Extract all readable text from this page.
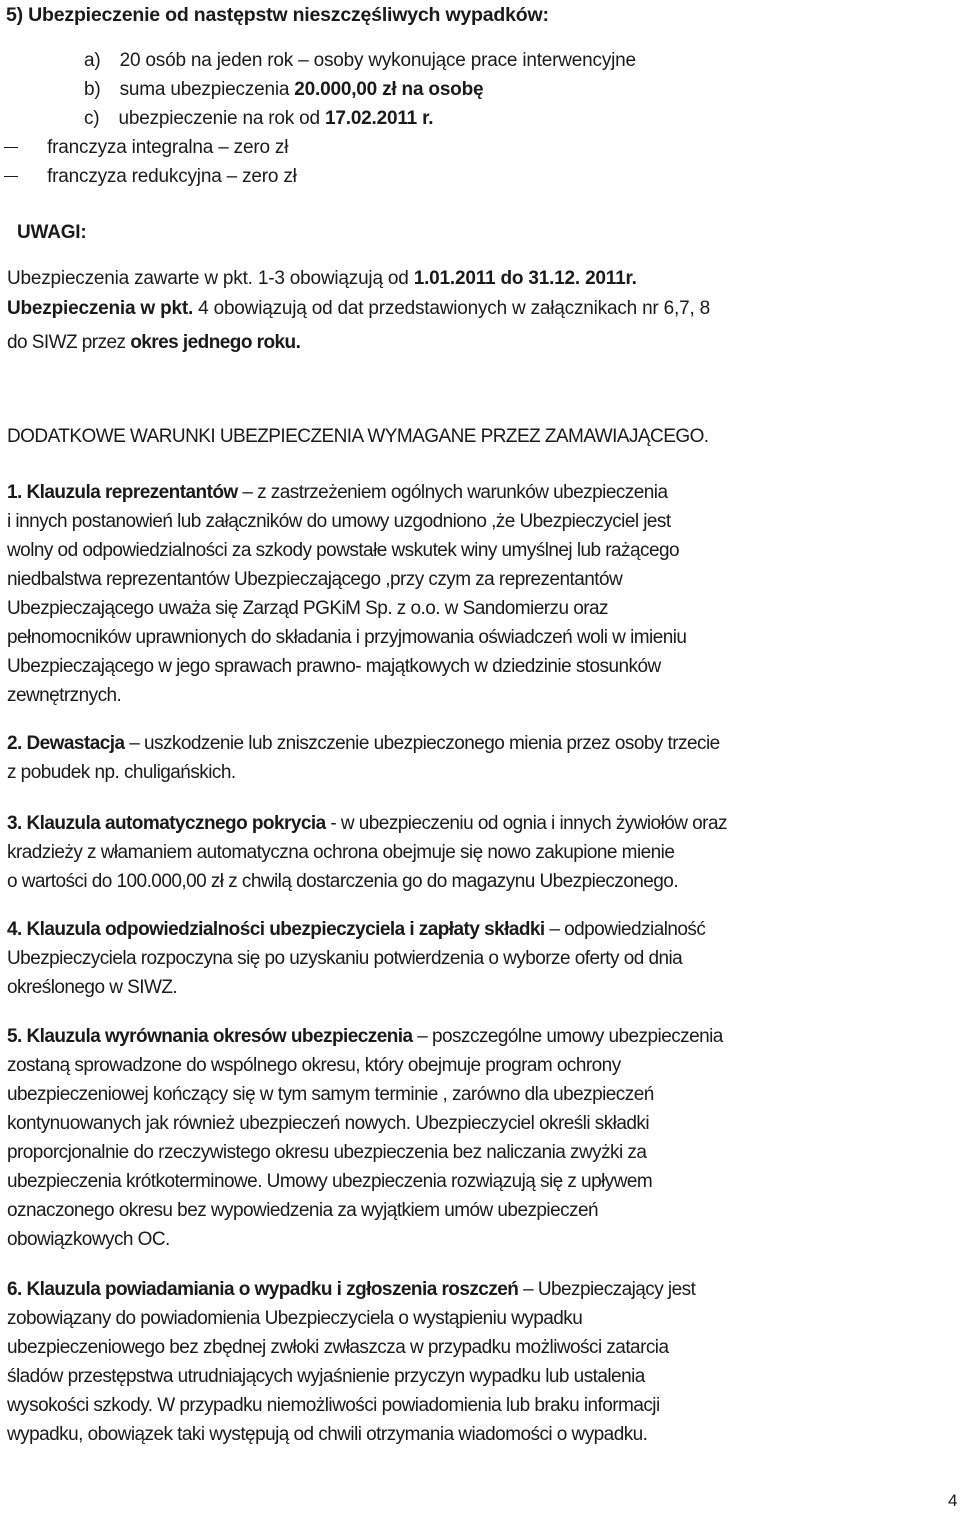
5) Ubezpieczenie od następstw nieszczęśliwych wypadków:
a) 20 osób na jeden rok – osoby wykonujące prace interwencyjne
b) suma ubezpieczenia 20.000,00 zł na osobę
c) ubezpieczenie na rok od 17.02.2011 r.
franczyza integralna – zero zł
franczyza redukcyjna – zero zł
UWAGI:
Ubezpieczenia zawarte w pkt. 1-3 obowiązują od 1.01.2011 do 31.12. 2011r.
Ubezpieczenia w pkt. 4 obowiązują od dat przedstawionych w załącznikach nr 6,7, 8
do SIWZ przez okres jednego roku.
DODATKOWE WARUNKI UBEZPIECZENIA WYMAGANE PRZEZ ZAMAWIAJĄCEGO.
1. Klauzula reprezentantów – z zastrzeżeniem ogólnych warunków ubezpieczenia
i innych postanowień lub załączników do umowy uzgodniono ,że Ubezpieczyciel jest
wolny od odpowiedzialności za szkody powstałe wskutek winy umyślnej lub rażącego
niedbalstwa reprezentantów Ubezpieczającego ,przy czym za reprezentantów
Ubezpieczającego uważa się Zarząd PGKiM Sp. z o.o. w Sandomierzu oraz
pełnomocników uprawnionych do składania i przyjmowania oświadczeń woli w imieniu
Ubezpieczającego w jego sprawach prawno- majątkowych w dziedzinie stosunków
zewnętrznych.
2. Dewastacja – uszkodzenie lub zniszczenie ubezpieczonego mienia przez osoby trzecie
z pobudek np. chuligańskich.
3. Klauzula automatycznego pokrycia - w ubezpieczeniu od ognia i innych żywiołów oraz
kradzieży z włamaniem automatyczna ochrona obejmuje się nowo zakupione mienie
o wartości do 100.000,00 zł z chwilą dostarczenia go do magazynu Ubezpieczonego.
4. Klauzula odpowiedzialności ubezpieczyciela i zapłaty składki – odpowiedzialność
Ubezpieczyciela rozpoczyna się po uzyskaniu potwierdzenia o wyborze oferty od dnia
określonego w SIWZ.
5. Klauzula wyrównania okresów ubezpieczenia – poszczególne umowy ubezpieczenia
zostaną sprowadzone do wspólnego okresu, który obejmuje program ochrony
ubezpieczeniowej kończący się w tym samym terminie , zarówno dla ubezpieczeń
kontynuowanych jak również ubezpieczeń nowych. Ubezpieczyciel określi składki
proporcjonalnie do rzeczywistego okresu ubezpieczenia bez naliczania zwyżki za
ubezpieczenia krótkoterminowe. Umowy ubezpieczenia rozwiązują się z upływem
oznaczonego okresu bez wypowiedzenia za wyjątkiem umów ubezpieczeń
obowiązkowych OC.
6. Klauzula powiadamiania o wypadku i zgłoszenia roszczeń – Ubezpieczający jest
zobowiązany do powiadomienia Ubezpieczyciela o wystąpieniu wypadku
ubezpieczeniowego bez zbędnej zwłoki zwłaszcza w przypadku możliwości zatarcia
śladów przestępstwa utrudniających wyjaśnienie przyczyn wypadku lub ustalenia
wysokości szkody. W przypadku niemożliwości powiadomienia lub braku informacji
wypadku, obowiązek taki występują od chwili otrzymania wiadomości o wypadku.
4
